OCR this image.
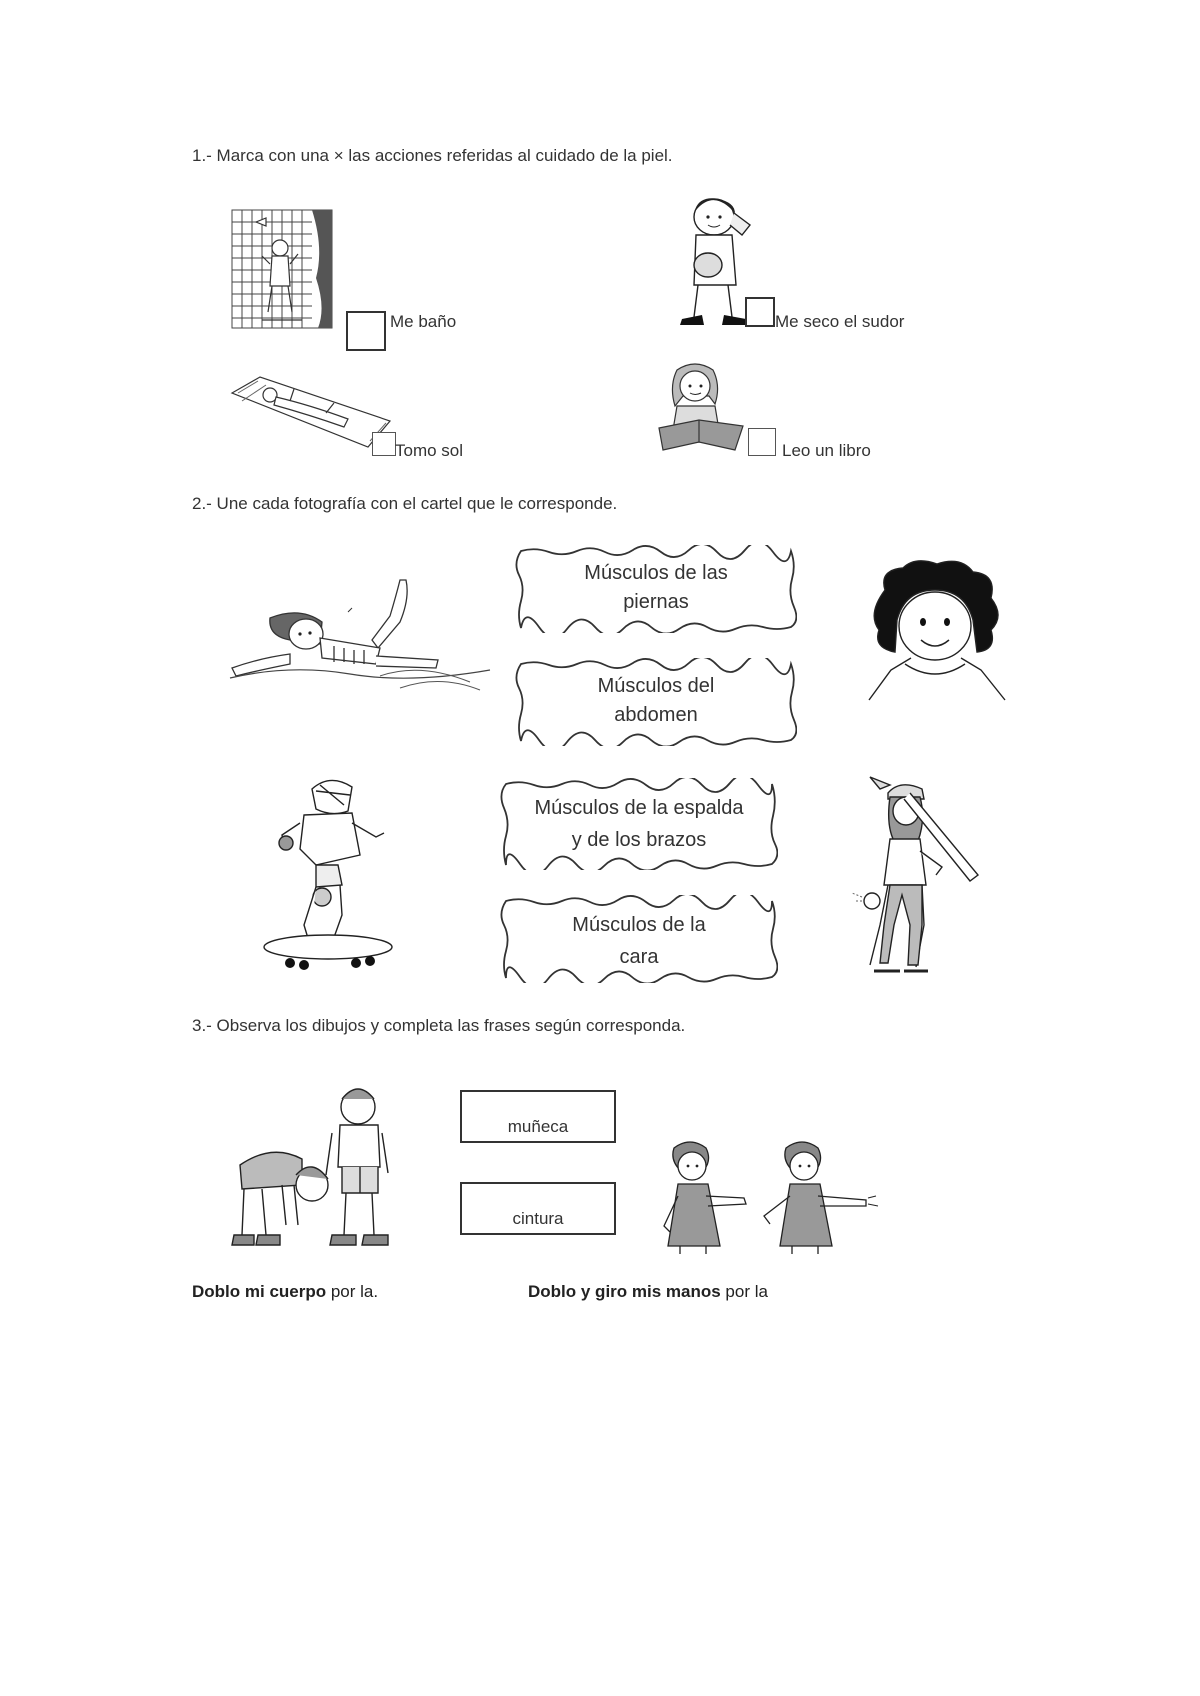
1.- Marca con una × las acciones referidas al cuidado de la piel.
Me baño	Me seco el sudor
Tomo sol	Leo un libro
2.- Une cada fotografía con el cartel que le corresponde.
Músculos de las
piernas
Músculos del
abdomen
Músculos de la espalda
y de los brazos
Músculos de la
cara
3.- Observa los dibujos y completa las frases según corresponda.
muñeca
cintura
Doblo mi cuerpo por la.	Doblo y giro mis manos por la
